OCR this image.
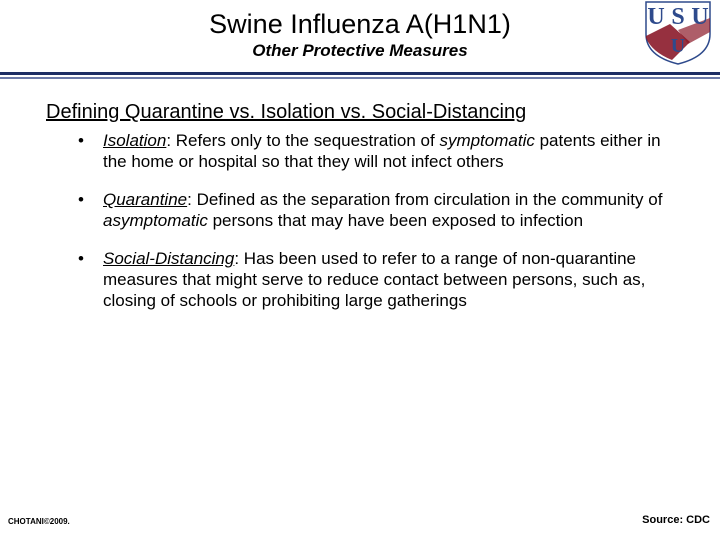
Swine Influenza A(H1N1)
Other Protective Measures
U S U
U
Defining Quarantine vs. Isolation vs. Social-Distancing
• Isolation: Refers only to the sequestration of symptomatic patents either in the home or hospital so that they will not infect others
• Quarantine: Defined as the separation from circulation in the community of asymptomatic persons that may have been exposed to infection
• Social-Distancing: Has been used to refer to a range of non-quarantine measures that might serve to reduce contact between persons, such as, closing of schools or prohibiting large gatherings
CHOTANI©2009.	Source: CDC
